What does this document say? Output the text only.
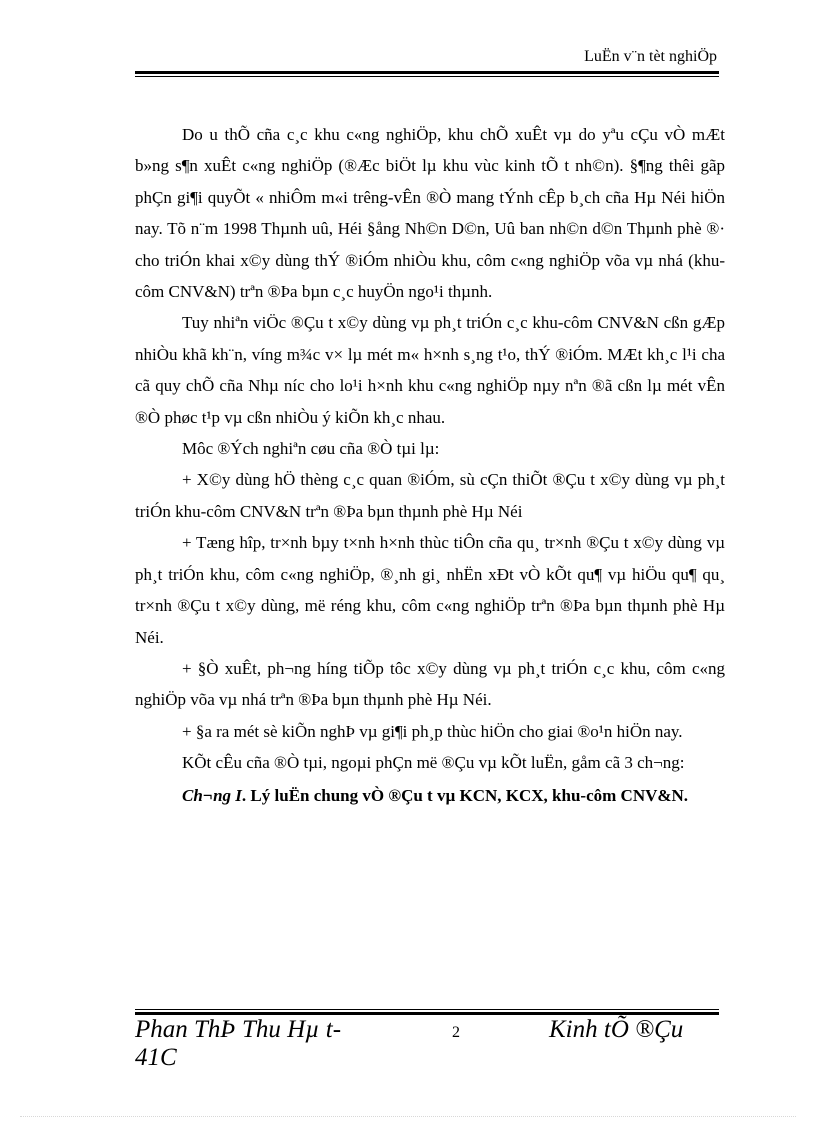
LuËn v¨n tèt nghiÖp

Do u thÕ cña c¸c khu c«ng nghiÖp, khu chÕ xuÊt vµ do yªu cÇu vÒ mÆt b»ng s¶n xuÊt c«ng nghiÖp (®Æc biÖt lµ khu vùc kinh tÕ t nh©n). §¶ng thêi gãp phÇn gi¶i quyÕt « nhiÔm m«i trêng-vÊn ®Ò mang tÝnh cÊp b¸ch cña Hµ Néi hiÖn nay. Tõ n¨m 1998 Thµnh uû, Héi §ång Nh©n D©n, Uû ban nh©n d©n Thµnh phè ®· cho triÓn khai x©y dùng thÝ ®iÓm nhiÒu khu, côm c«ng nghiÖp võa vµ nhá (khu-côm CNV&N) trªn ®Þa bµn c¸c huyÖn ngo¹i thµnh.

Tuy nhiªn viÖc ®Çu t x©y dùng vµ ph¸t triÓn c¸c khu-côm CNV&N cßn gÆp nhiÒu khã kh¨n, víng m¾c v× lµ mét m« h×nh s¸ng t¹o, thÝ ®iÓm. MÆt kh¸c l¹i cha cã quy chÕ cña Nhµ níc cho lo¹i h×nh khu c«ng nghiÖp nµy nªn ®ã cßn lµ mét vÊn ®Ò phøc t¹p vµ cßn nhiÒu ý kiÕn kh¸c nhau.

Môc ®Ých nghiªn cøu cña ®Ò tµi lµ:

+ X©y dùng hÖ thèng c¸c quan ®iÓm, sù cÇn thiÕt ®Çu t x©y dùng vµ ph¸t triÓn khu-côm CNV&N trªn ®Þa bµn thµnh phè Hµ Néi

+ Tæng hîp, tr×nh bµy t×nh h×nh thùc tiÔn cña qu¸ tr×nh ®Çu t x©y dùng vµ ph¸t triÓn khu, côm c«ng nghiÖp, ®¸nh gi¸ nhËn xÐt vÒ kÕt qu¶ vµ hiÖu qu¶ qu¸ tr×nh ®Çu t x©y dùng, më réng khu, côm c«ng nghiÖp trªn ®Þa bµn thµnh phè Hµ Néi.

+ §Ò xuÊt, ph¬ng híng tiÕp tôc x©y dùng vµ ph¸t triÓn c¸c khu, côm c«ng nghiÖp võa vµ nhá trªn ®Þa bµn thµnh phè Hµ Néi.

+ §a ra mét sè kiÕn nghÞ vµ gi¶i ph¸p thùc hiÖn cho giai ®o¹n hiÖn nay.

KÕt cÊu cña ®Ò tµi, ngoµi phÇn më ®Çu vµ kÕt luËn, gåm cã 3 ch¬ng:

Ch¬ng I. Lý luËn chung vÒ ®Çu t vµ KCN, KCX, khu-côm CNV&N.

Phan ThÞ Thu Hµ t-41C
2	Kinh tÕ ®Çu
